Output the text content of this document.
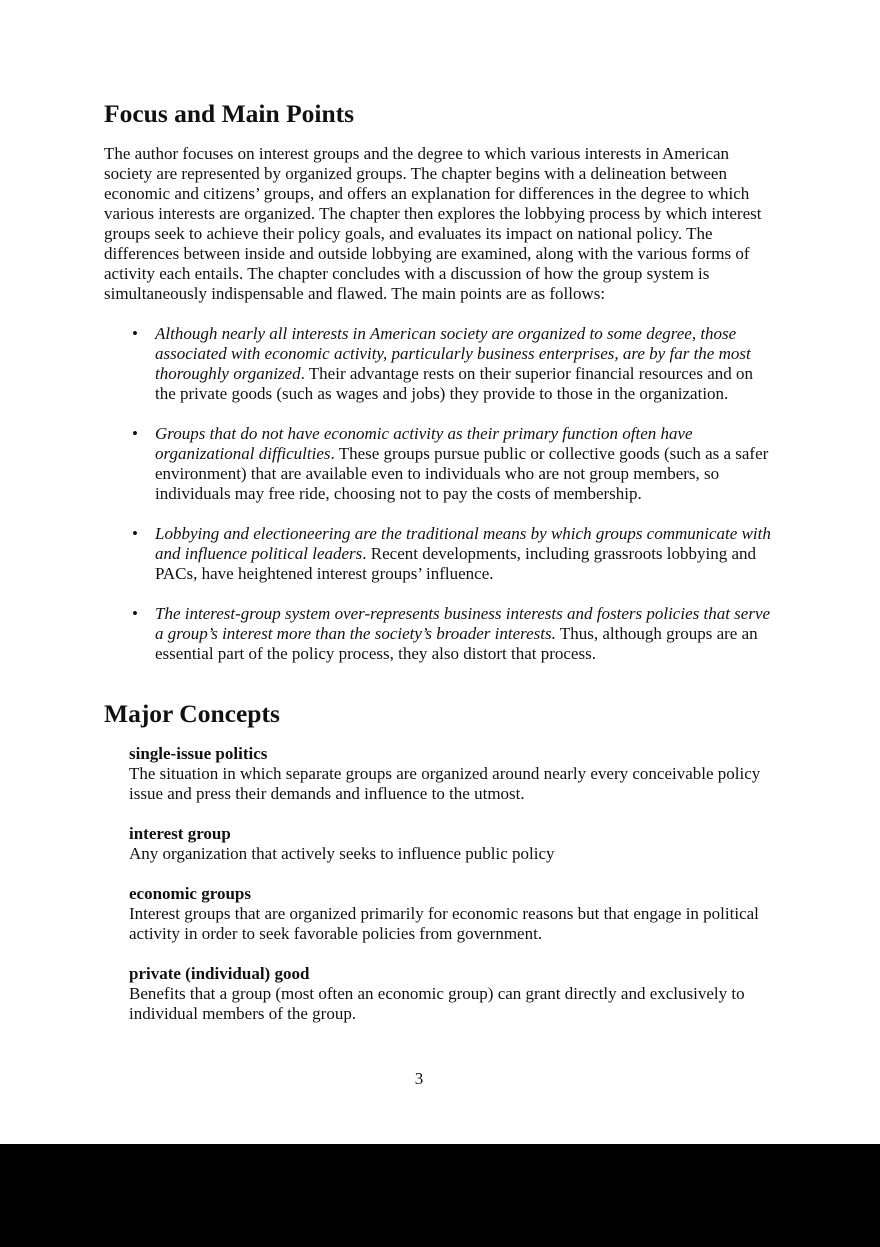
Focus and Main Points

The author focuses on interest groups and the degree to which various interests in American society are represented by organized groups. The chapter begins with a delineation between economic and citizens’ groups, and offers an explanation for differences in the degree to which various interests are organized. The chapter then explores the lobbying process by which interest groups seek to achieve their policy goals, and evaluates its impact on national policy. The differences between inside and outside lobbying are examined, along with the various forms of activity each entails. The chapter concludes with a discussion of how the group system is simultaneously indispensable and flawed. The main points are as follows:

• Although nearly all interests in American society are organized to some degree, those associated with economic activity, particularly business enterprises, are by far the most thoroughly organized. Their advantage rests on their superior financial resources and on the private goods (such as wages and jobs) they provide to those in the organization.
• Groups that do not have economic activity as their primary function often have organizational difficulties. These groups pursue public or collective goods (such as a safer environment) that are available even to individuals who are not group members, so individuals may free ride, choosing not to pay the costs of membership.
• Lobbying and electioneering are the traditional means by which groups communicate with and influence political leaders. Recent developments, including grassroots lobbying and PACs, have heightened interest groups’ influence.
• The interest-group system over-represents business interests and fosters policies that serve a group’s interest more than the society’s broader interests. Thus, although groups are an essential part of the policy process, they also distort that process.
Major Concepts
single-issue politics
The situation in which separate groups are organized around nearly every conceivable policy issue and press their demands and influence to the utmost.
interest group
Any organization that actively seeks to influence public policy
economic groups
Interest groups that are organized primarily for economic reasons but that engage in political activity in order to seek favorable policies from government.
private (individual) good
Benefits that a group (most often an economic group) can grant directly and exclusively to individual members of the group.
3
